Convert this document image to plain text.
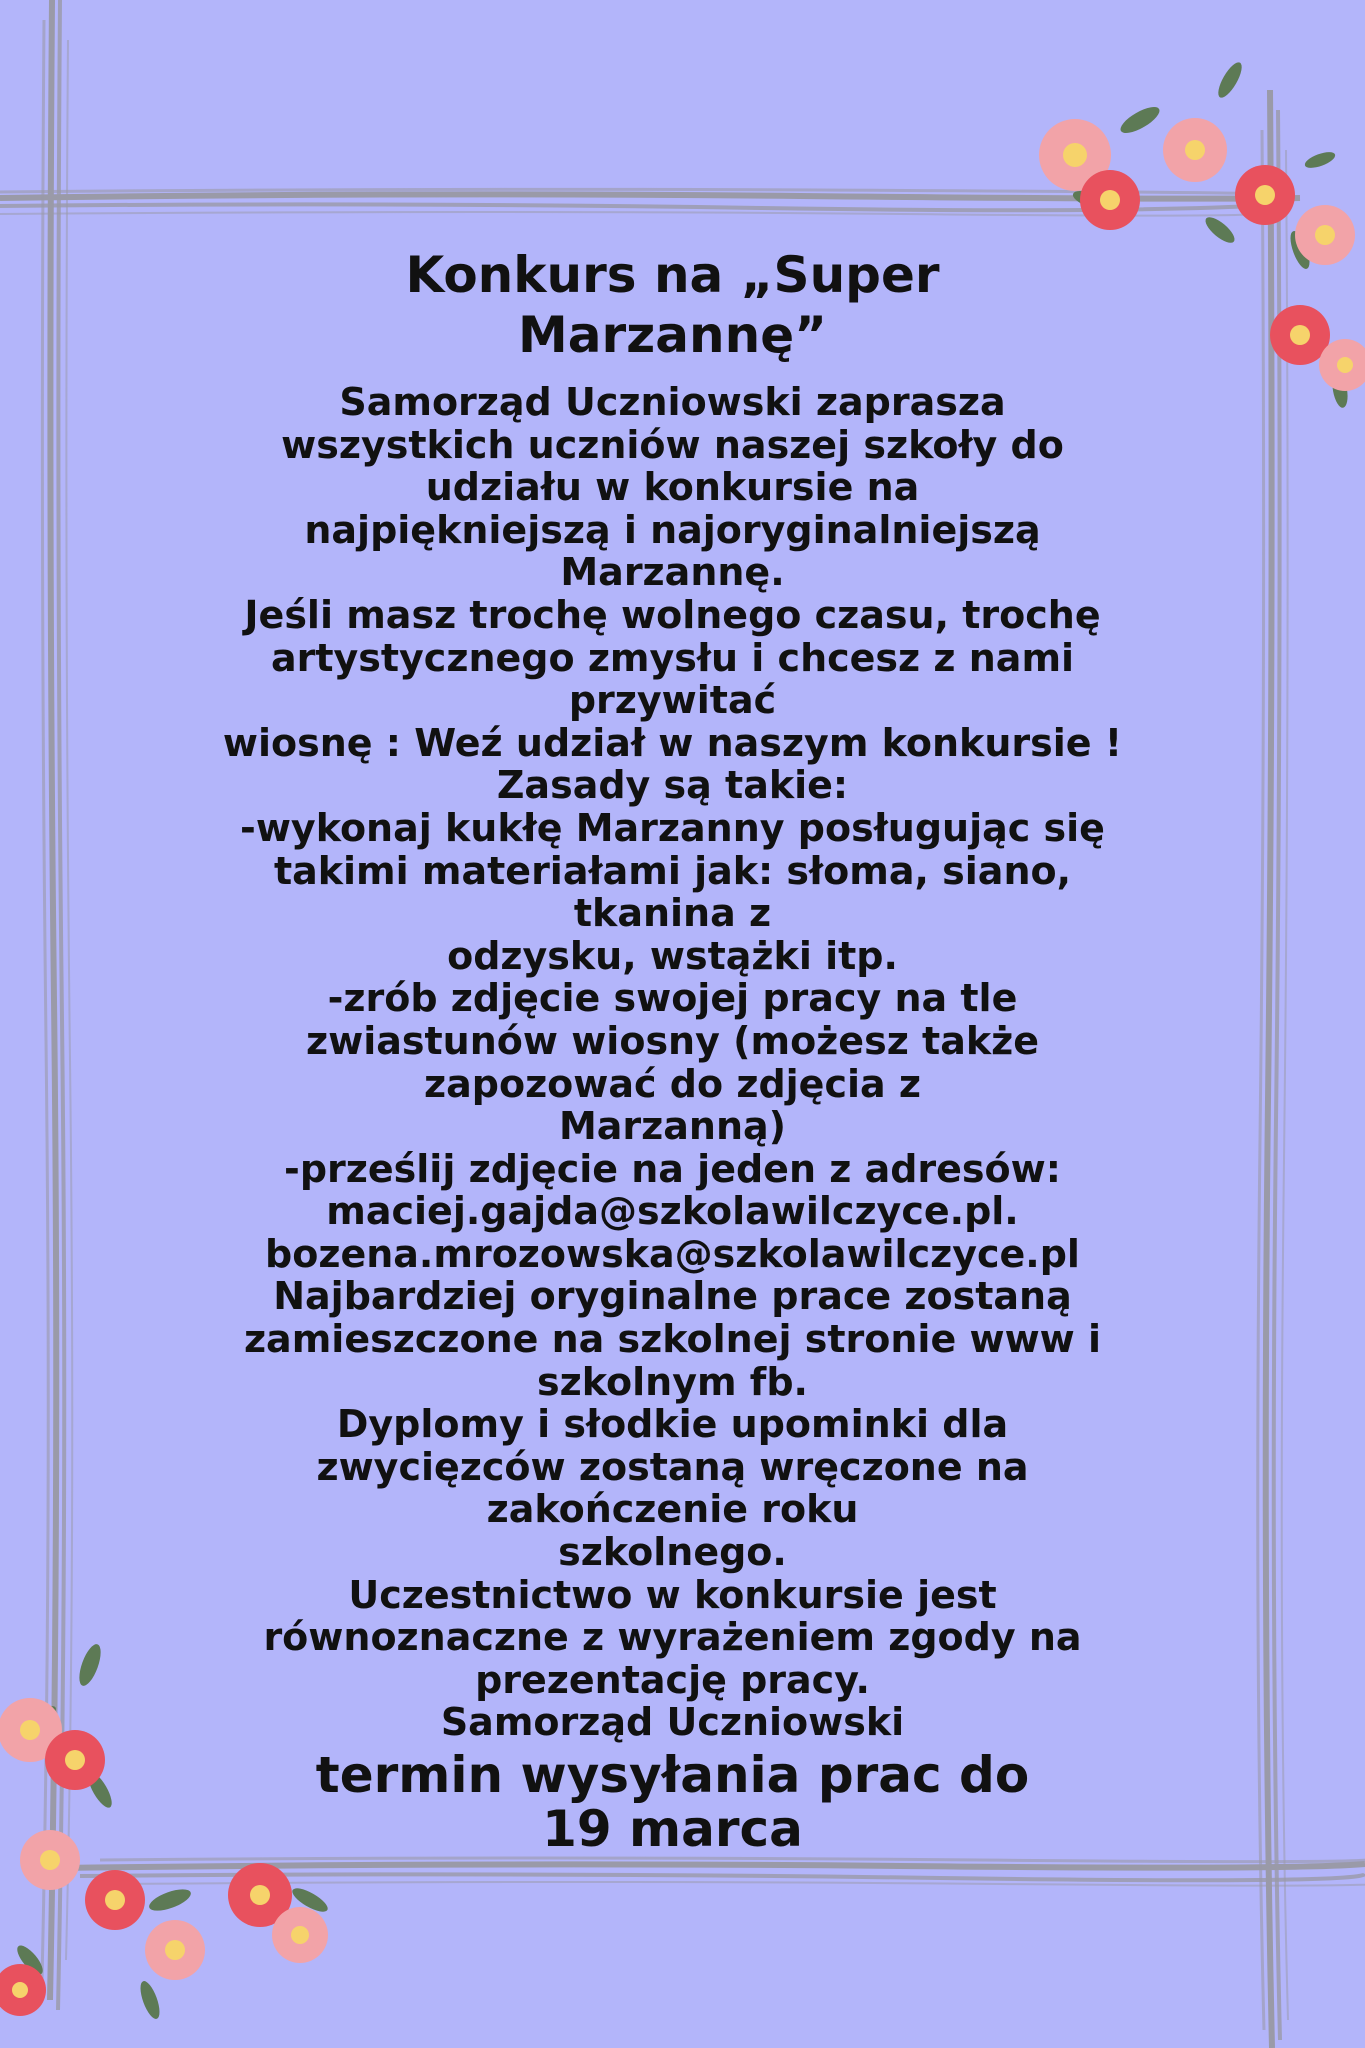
Konkurs na „Super
Marzannę”
Samorząd Uczniowski zaprasza
wszystkich uczniów naszej szkoły do
udziału w konkursie na
najpiękniejszą i najoryginalniejszą
Marzannę.
Jeśli masz trochę wolnego czasu, trochę
artystycznego zmysłu i chcesz z nami
przywitać
wiosnę : Weź udział w naszym konkursie !
Zasady są takie:
-wykonaj kukłę Marzanny posługując się
takimi materiałami jak: słoma, siano,
tkanina z
odzysku, wstążki itp.
-zrób zdjęcie swojej pracy na tle
zwiastunów wiosny (możesz także
zapozować do zdjęcia z
Marzanną)
-prześlij zdjęcie na jeden z adresów:
maciej.gajda@szkolawilczyce.pl.
bozena.mrozowska@szkolawilczyce.pl
Najbardziej oryginalne prace zostaną
zamieszczone na szkolnej stronie www i
szkolnym fb.
Dyplomy i słodkie upominki dla
zwycięzców zostaną wręczone na
zakończenie roku
szkolnego.
Uczestnictwo w konkursie jest
równoznaczne z wyrażeniem zgody na
prezentację pracy.
Samorząd Uczniowski
termin wysyłania prac do
19 marca
